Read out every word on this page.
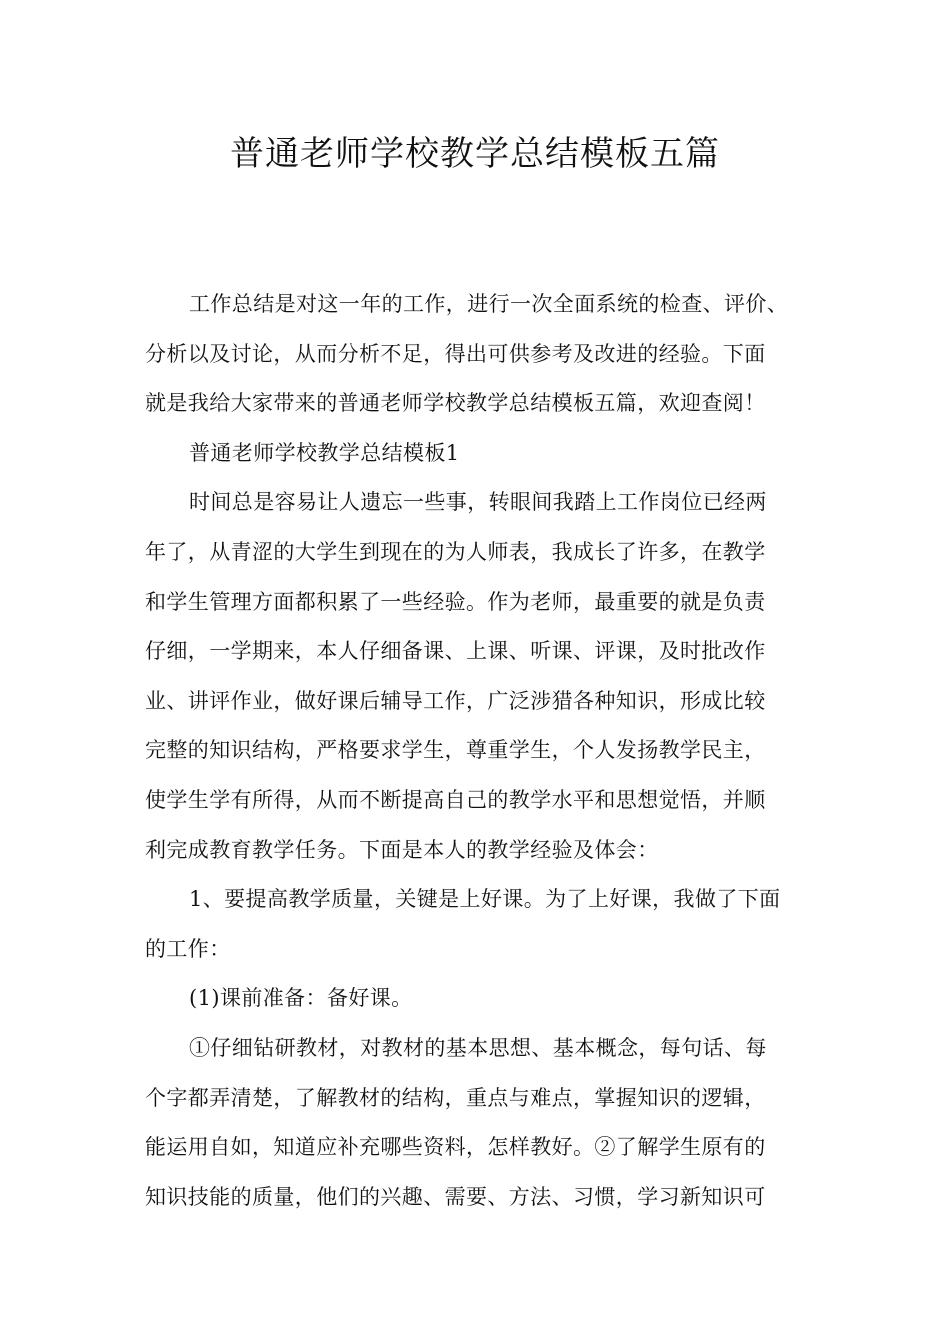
普通老师学校教学总结模板五篇
工作总结是对这一年的工作，进行一次全面系统的检查、评价、
分析以及讨论，从而分析不足，得出可供参考及改进的经验。下面
就是我给大家带来的普通老师学校教学总结模板五篇，欢迎查阅！
普通老师学校教学总结模板1
时间总是容易让人遗忘一些事，转眼间我踏上工作岗位已经两
年了，从青涩的大学生到现在的为人师表，我成长了许多，在教学
和学生管理方面都积累了一些经验。作为老师，最重要的就是负责
仔细，一学期来，本人仔细备课、上课、听课、评课，及时批改作
业、讲评作业，做好课后辅导工作，广泛涉猎各种知识，形成比较
完整的知识结构，严格要求学生，尊重学生，个人发扬教学民主，
使学生学有所得，从而不断提高自己的教学水平和思想觉悟，并顺
利完成教育教学任务。下面是本人的教学经验及体会：
1、要提高教学质量，关键是上好课。为了上好课，我做了下面
的工作：
(1)课前准备：备好课。
①仔细钻研教材，对教材的基本思想、基本概念，每句话、每
个字都弄清楚，了解教材的结构，重点与难点，掌握知识的逻辑，
能运用自如，知道应补充哪些资料，怎样教好。②了解学生原有的
知识技能的质量，他们的兴趣、需要、方法、习惯，学习新知识可
